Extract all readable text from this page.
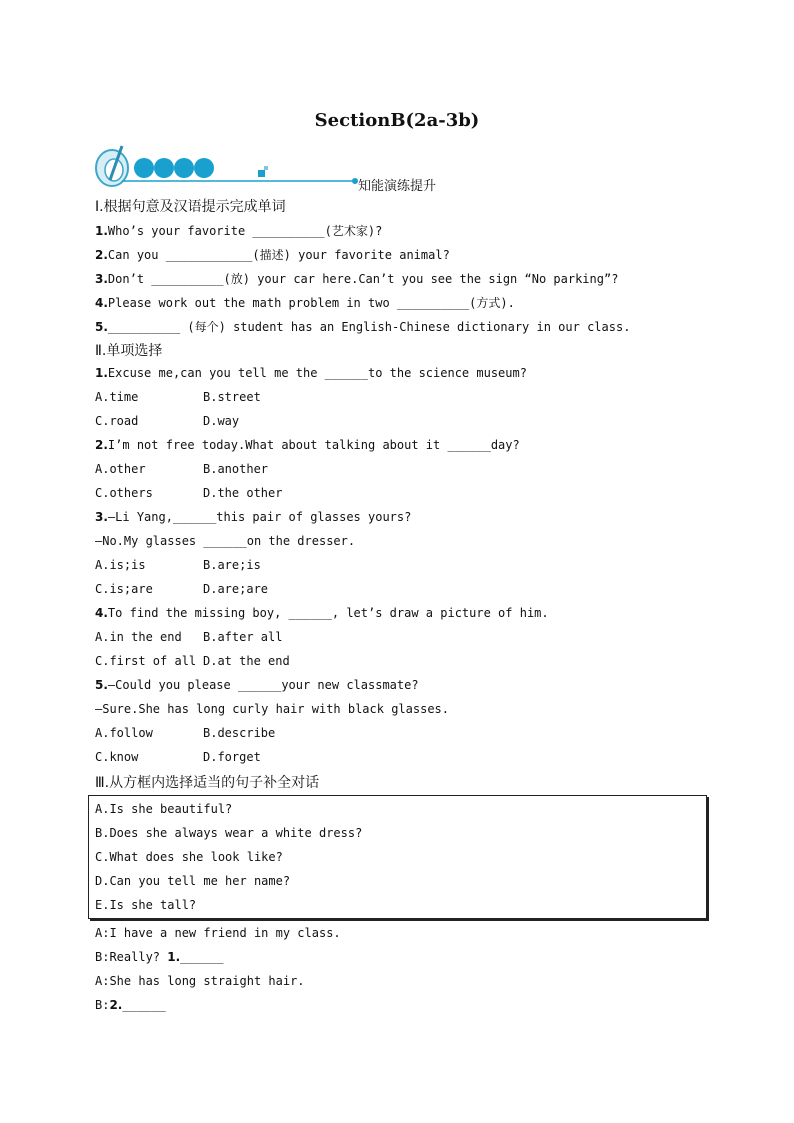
SectionB(2a-3b)
知能演练提升
Ⅰ.根据句意及汉语提示完成单词
1.Who’s your favorite __________(艺术家)?
2.Can you ____________(描述) your favorite animal?
3.Don’t __________(放) your car here.Can’t you see the sign “No parking”?
4.Please work out the math problem in two __________(方式).
5.__________ (每个) student has an English-Chinese dictionary in our class.
Ⅱ.单项选择
1.Excuse me,can you tell me the ______to the science museum?
A.time	B.street
C.road	D.way
2.I’m not free today.What about talking about it ______day?
A.other	B.another
C.others	D.the other
3.—Li Yang,______this pair of glasses yours?
—No.My glasses ______on the dresser.
A.is;is	B.are;is
C.is;are	D.are;are
4.To find the missing boy, ______, let’s draw a picture of him.
A.in the end B.after all
C.first of all D.at the end
5.—Could you please ______your new classmate?
—Sure.She has long curly hair with black glasses.
A.follow	B.describe
C.know	D.forget
Ⅲ.从方框内选择适当的句子补全对话
A.Is she beautiful?
B.Does she always wear a white dress?
C.What does she look like?
D.Can you tell me her name?
E.Is she tall?
A:I have a new friend in my class.
B:Really? 1.______
A:She has long straight hair.
B:2.______
